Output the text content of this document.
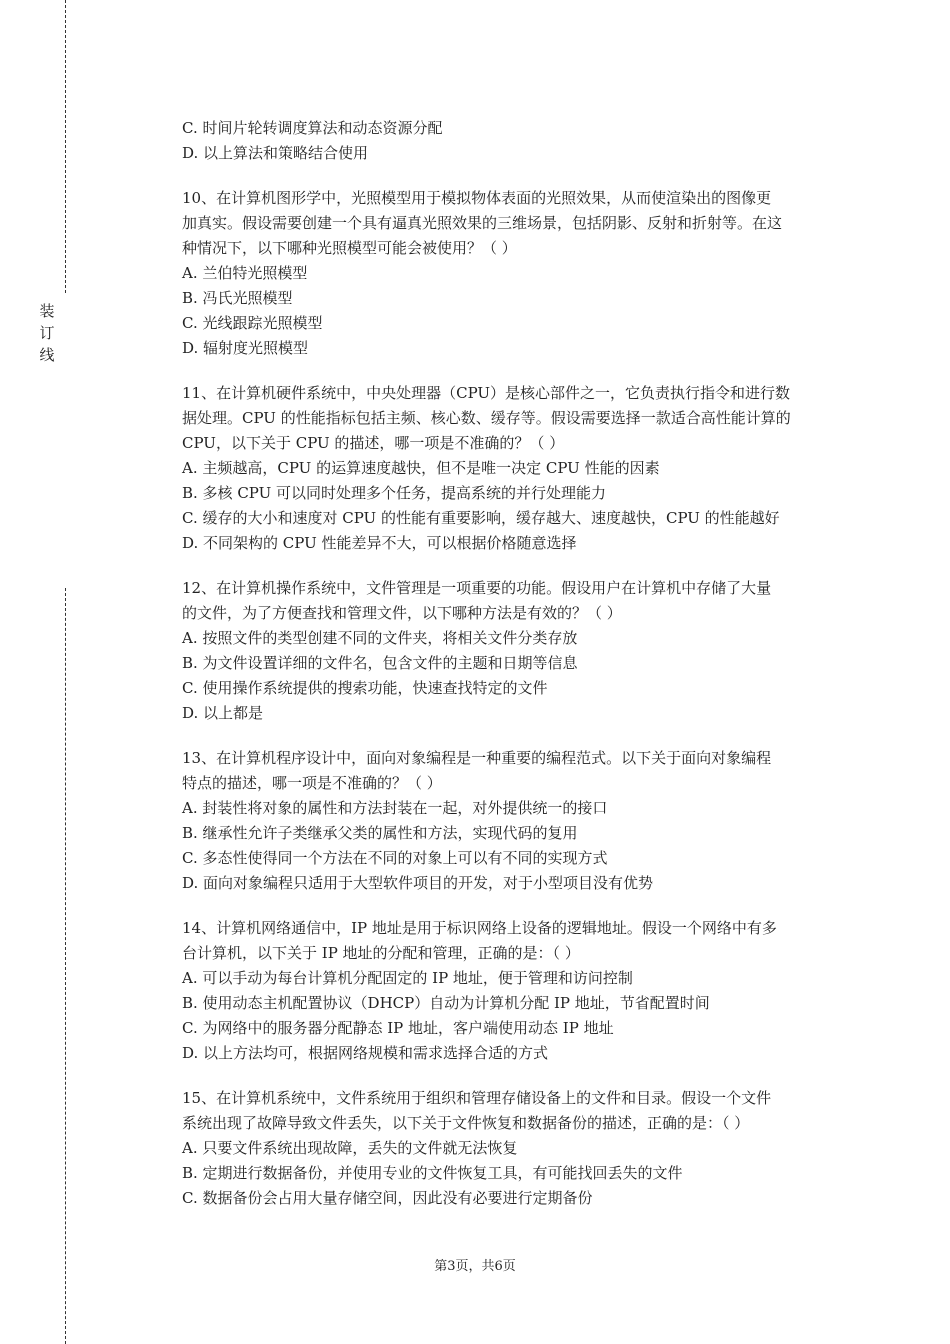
装
订
线
C. 时间片轮转调度算法和动态资源分配
D. 以上算法和策略结合使用
10、在计算机图形学中，光照模型用于模拟物体表面的光照效果，从而使渲染出的图像更
加真实。假设需要创建一个具有逼真光照效果的三维场景，包括阴影、反射和折射等。在这
种情况下，以下哪种光照模型可能会被使用？（ ）
A. 兰伯特光照模型
B. 冯氏光照模型
C. 光线跟踪光照模型
D. 辐射度光照模型
11、在计算机硬件系统中，中央处理器（CPU）是核心部件之一，它负责执行指令和进行数
据处理。CPU 的性能指标包括主频、核心数、缓存等。假设需要选择一款适合高性能计算的
CPU，以下关于 CPU 的描述，哪一项是不准确的？（ ）
A. 主频越高，CPU 的运算速度越快，但不是唯一决定 CPU 性能的因素
B. 多核 CPU 可以同时处理多个任务，提高系统的并行处理能力
C. 缓存的大小和速度对 CPU 的性能有重要影响，缓存越大、速度越快，CPU 的性能越好
D. 不同架构的 CPU 性能差异不大，可以根据价格随意选择
12、在计算机操作系统中，文件管理是一项重要的功能。假设用户在计算机中存储了大量
的文件，为了方便查找和管理文件，以下哪种方法是有效的？（ ）
A. 按照文件的类型创建不同的文件夹，将相关文件分类存放
B. 为文件设置详细的文件名，包含文件的主题和日期等信息
C. 使用操作系统提供的搜索功能，快速查找特定的文件
D. 以上都是
13、在计算机程序设计中，面向对象编程是一种重要的编程范式。以下关于面向对象编程
特点的描述，哪一项是不准确的？（ ）
A. 封装性将对象的属性和方法封装在一起，对外提供统一的接口
B. 继承性允许子类继承父类的属性和方法，实现代码的复用
C. 多态性使得同一个方法在不同的对象上可以有不同的实现方式
D. 面向对象编程只适用于大型软件项目的开发，对于小型项目没有优势
14、计算机网络通信中，IP 地址是用于标识网络上设备的逻辑地址。假设一个网络中有多
台计算机，以下关于 IP 地址的分配和管理，正确的是：（ ）
A. 可以手动为每台计算机分配固定的 IP 地址，便于管理和访问控制
B. 使用动态主机配置协议（DHCP）自动为计算机分配 IP 地址，节省配置时间
C. 为网络中的服务器分配静态 IP 地址，客户端使用动态 IP 地址
D. 以上方法均可，根据网络规模和需求选择合适的方式
15、在计算机系统中，文件系统用于组织和管理存储设备上的文件和目录。假设一个文件
系统出现了故障导致文件丢失，以下关于文件恢复和数据备份的描述，正确的是：（ ）
A. 只要文件系统出现故障，丢失的文件就无法恢复
B. 定期进行数据备份，并使用专业的文件恢复工具，有可能找回丢失的文件
C. 数据备份会占用大量存储空间，因此没有必要进行定期备份
第3页，共6页
